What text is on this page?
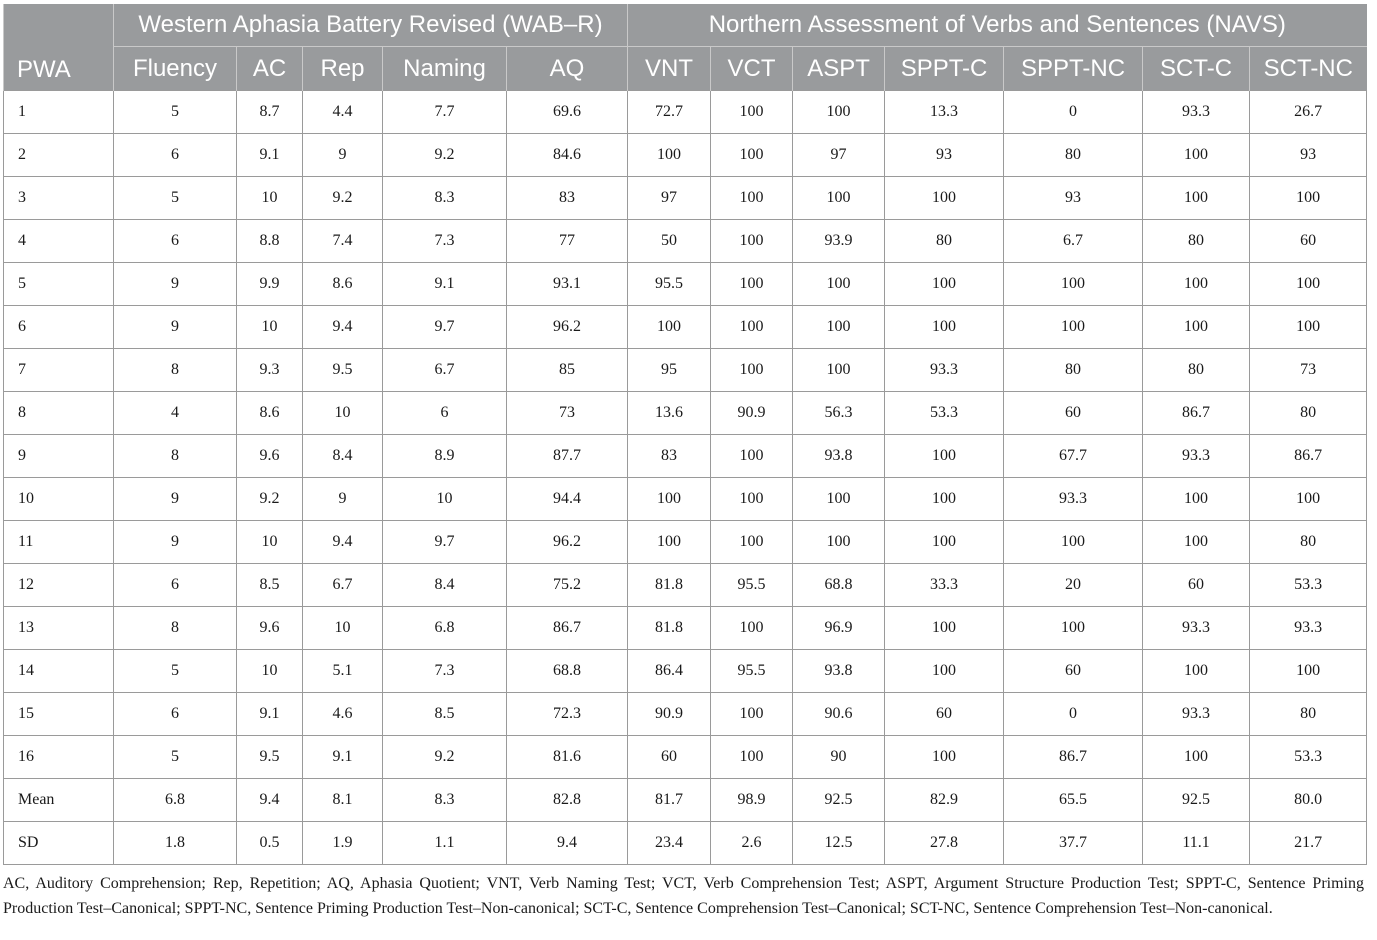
PWA	Western Aphasia Battery Revised (WAB–R)					Northern Assessment of Verbs and Sentences (NAVS)						
	Fluency	AC	Rep	Naming	AQ	VNT	VCT	ASPT	SPPT-C	SPPT-NC	SCT-C	SCT-NC
1	5	8.7	4.4	7.7	69.6	72.7	100	100	13.3	0	93.3	26.7
2	6	9.1	9	9.2	84.6	100	100	97	93	80	100	93
3	5	10	9.2	8.3	83	97	100	100	100	93	100	100
4	6	8.8	7.4	7.3	77	50	100	93.9	80	6.7	80	60
5	9	9.9	8.6	9.1	93.1	95.5	100	100	100	100	100	100
6	9	10	9.4	9.7	96.2	100	100	100	100	100	100	100
7	8	9.3	9.5	6.7	85	95	100	100	93.3	80	80	73
8	4	8.6	10	6	73	13.6	90.9	56.3	53.3	60	86.7	80
9	8	9.6	8.4	8.9	87.7	83	100	93.8	100	67.7	93.3	86.7
10	9	9.2	9	10	94.4	100	100	100	100	93.3	100	100
11	9	10	9.4	9.7	96.2	100	100	100	100	100	100	80
12	6	8.5	6.7	8.4	75.2	81.8	95.5	68.8	33.3	20	60	53.3
13	8	9.6	10	6.8	86.7	81.8	100	96.9	100	100	93.3	93.3
14	5	10	5.1	7.3	68.8	86.4	95.5	93.8	100	60	100	100
15	6	9.1	4.6	8.5	72.3	90.9	100	90.6	60	0	93.3	80
16	5	9.5	9.1	9.2	81.6	60	100	90	100	86.7	100	53.3
Mean	6.8	9.4	8.1	8.3	82.8	81.7	98.9	92.5	82.9	65.5	92.5	80.0
SD	1.8	0.5	1.9	1.1	9.4	23.4	2.6	12.5	27.8	37.7	11.1	21.7

AC, Auditory Comprehension; Rep, Repetition; AQ, Aphasia Quotient; VNT, Verb Naming Test; VCT, Verb Comprehension Test; ASPT, Argument Structure Production Test; SPPT-C, Sentence Priming Production Test–Canonical; SPPT-NC, Sentence Priming Production Test–Non-canonical; SCT-C, Sentence Comprehension Test–Canonical; SCT-NC, Sentence Comprehension Test–Non-canonical.
